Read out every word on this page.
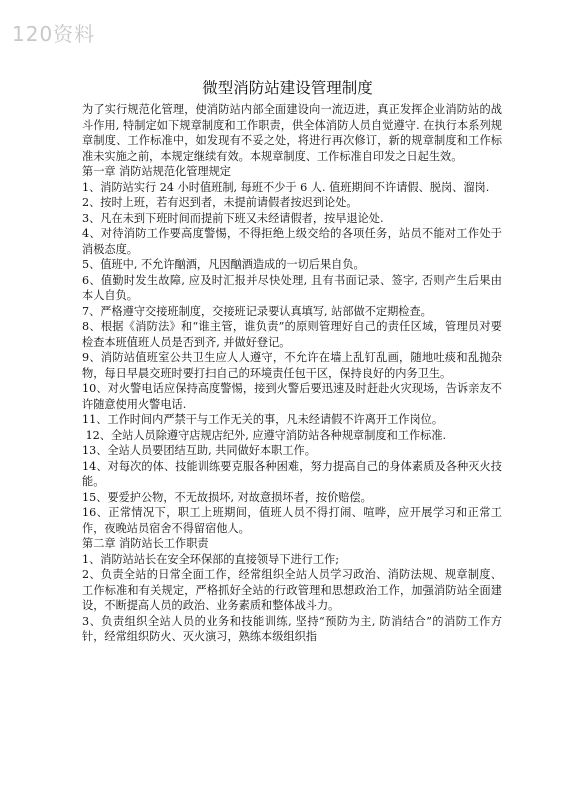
120资料
微型消防站建设管理制度

为了实行规范化管理，使消防站内部全面建设向一流迈进，真正发挥企业消防站的战斗作用, 特制定如下规章制度和工作职责，供全体消防人员自觉遵守. 在执行本系列规章制度、工作标准中，如发现有不妥之处，将进行再次修订，新的规章制度和工作标准未实施之前，本规定继续有效。本规章制度、工作标准自印发之日起生效。

第一章 消防站规范化管理规定

1、消防站实行 24 小时值班制, 每班不少于 6 人. 值班期间不许请假、脱岗、溜岗.

2、按时上班，若有迟到者，未提前请假者按迟到论处。

3、凡在未到下班时间而提前下班又未经请假者，按早退论处.

4、对待消防工作要高度警惕，不得拒绝上级交给的各项任务，站员不能对工作处于消极态度。

5、值班中, 不允许酗酒，凡因酗酒造成的一切后果自负。

6、值勤时发生故障, 应及时汇报并尽快处理, 且有书面记录、签字, 否则产生后果由本人自负。

7、严格遵守交接班制度，交接班记录要认真填写, 站部做不定期检查。

8、根据《消防法》和“谁主管，谁负责”的原则管理好自己的责任区域，管理员对要检查本班值班人员是否到齐, 并做好登记。

9、消防站值班室公共卫生应人人遵守，不允许在墙上乱钉乱画，随地吐痰和乱抛杂物，每日早晨交班时要打扫自己的环境责任包干区，保持良好的内务卫生。

10、对火警电话应保持高度警惕，接到火警后要迅速及时赶赴火灾现场，告诉亲友不许随意使用火警电话.

11、工作时间内严禁干与工作无关的事，凡未经请假不许离开工作岗位。

12、全站人员除遵守店规店纪外, 应遵守消防站各种规章制度和工作标准.

13、全站人员要团结互助, 共同做好本职工作。

14、对每次的体、技能训练要克服各种困难，努力提高自己的身体素质及各种灭火技能。

15、要爱护公物，不无故损坏, 对故意损坏者，按价赔偿。

16、正常情况下，职工上班期间，值班人员不得打闹、喧哗，应开展学习和正常工作，夜晚站员宿舍不得留宿他人。

第二章 消防站长工作职责

1、消防站站长在安全环保部的直接领导下进行工作;

2、负责全站的日常全面工作，经常组织全站人员学习政治、消防法规、规章制度、工作标准和有关规定，严格抓好全站的行政管理和思想政治工作，加强消防站全面建设，不断提高人员的政治、业务素质和整体战斗力。

3、负责组织全站人员的业务和技能训练, 坚持“预防为主, 防消结合”的消防工作方针，经常组织防火、灭火演习，熟练本级组织指
